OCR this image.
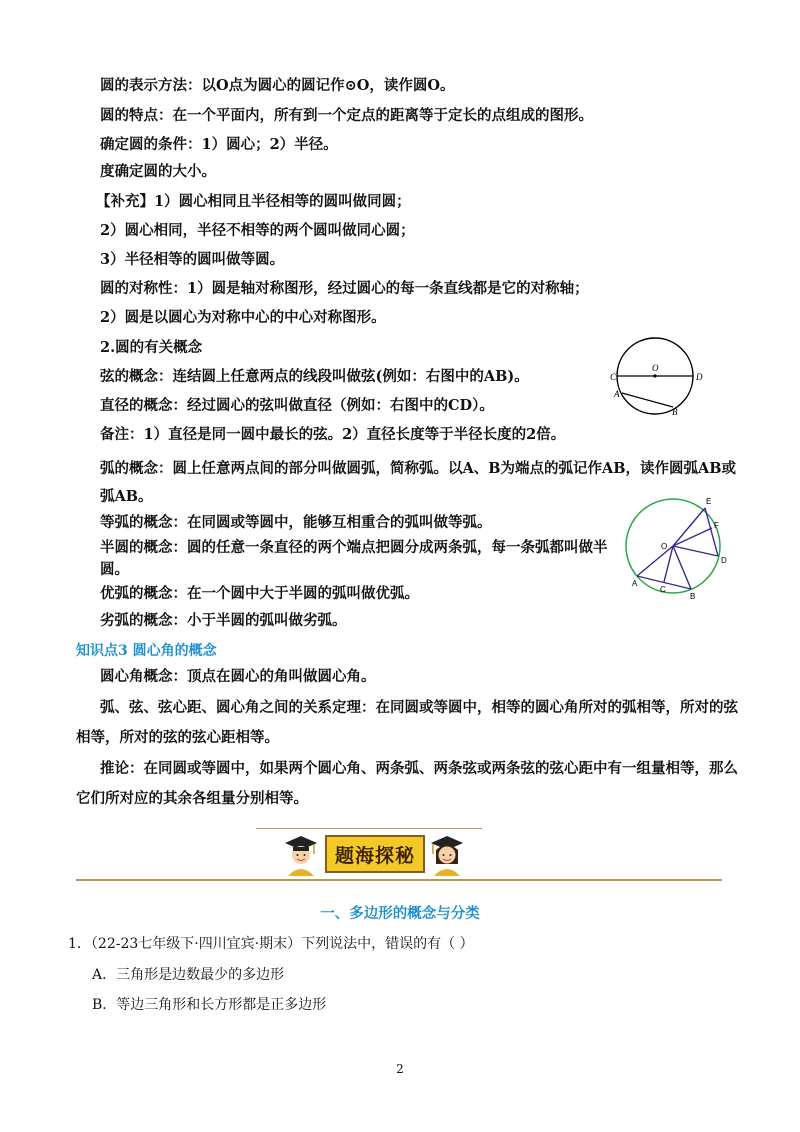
圆的表示方法：以O点为圆心的圆记作⊙O，读作圆O。
圆的特点：在一个平面内，所有到一个定点的距离等于定长的点组成的图形。
确定圆的条件：1）圆心；2）半径。
度确定圆的大小。
【补充】1）圆心相同且半径相等的圆叫做同圆；
2）圆心相同，半径不相等的两个圆叫做同心圆；
3）半径相等的圆叫做等圆。
圆的对称性：1）圆是轴对称图形，经过圆心的每一条直线都是它的对称轴；
2）圆是以圆心为对称中心的中心对称图形。
2.圆的有关概念
弦的概念：连结圆上任意两点的线段叫做弦(例如：右图中的AB)。
直径的概念：经过圆心的弦叫做直径（例如：右图中的CD）。
备注：1）直径是同一圆中最长的弦。2）直径长度等于半径长度的2倍。
弧的概念：圆上任意两点间的部分叫做圆弧，简称弧。以A、B为端点的弧记作AB，读作圆弧AB或
弧AB。
等弧的概念：在同圆或等圆中，能够互相重合的弧叫做等弧。
半圆的概念：圆的任意一条直径的两个端点把圆分成两条弧，每一条弧都叫做半
圆。
优弧的概念：在一个圆中大于半圆的弧叫做优弧。
劣弧的概念：小于半圆的弧叫做劣弧。
知识点3 圆心角的概念
圆心角概念：顶点在圆心的角叫做圆心角。
弧、弦、弦心距、圆心角之间的关系定理：在同圆或等圆中，相等的圆心角所对的弧相等，所对的弦
相等，所对的弦的弦心距相等。
推论：在同圆或等圆中，如果两个圆心角、两条弧、两条弦或两条弦的弦心距中有一组量相等，那么
它们所对应的其余各组量分别相等。
C
O
D
A
B
E
F
O
D
A
C
B
题海探秘
一、多边形的概念与分类
1．（22-23七年级下·四川宜宾·期末）下列说法中，错误的有（ ）
A．三角形是边数最少的多边形
B．等边三角形和长方形都是正多边形
2
